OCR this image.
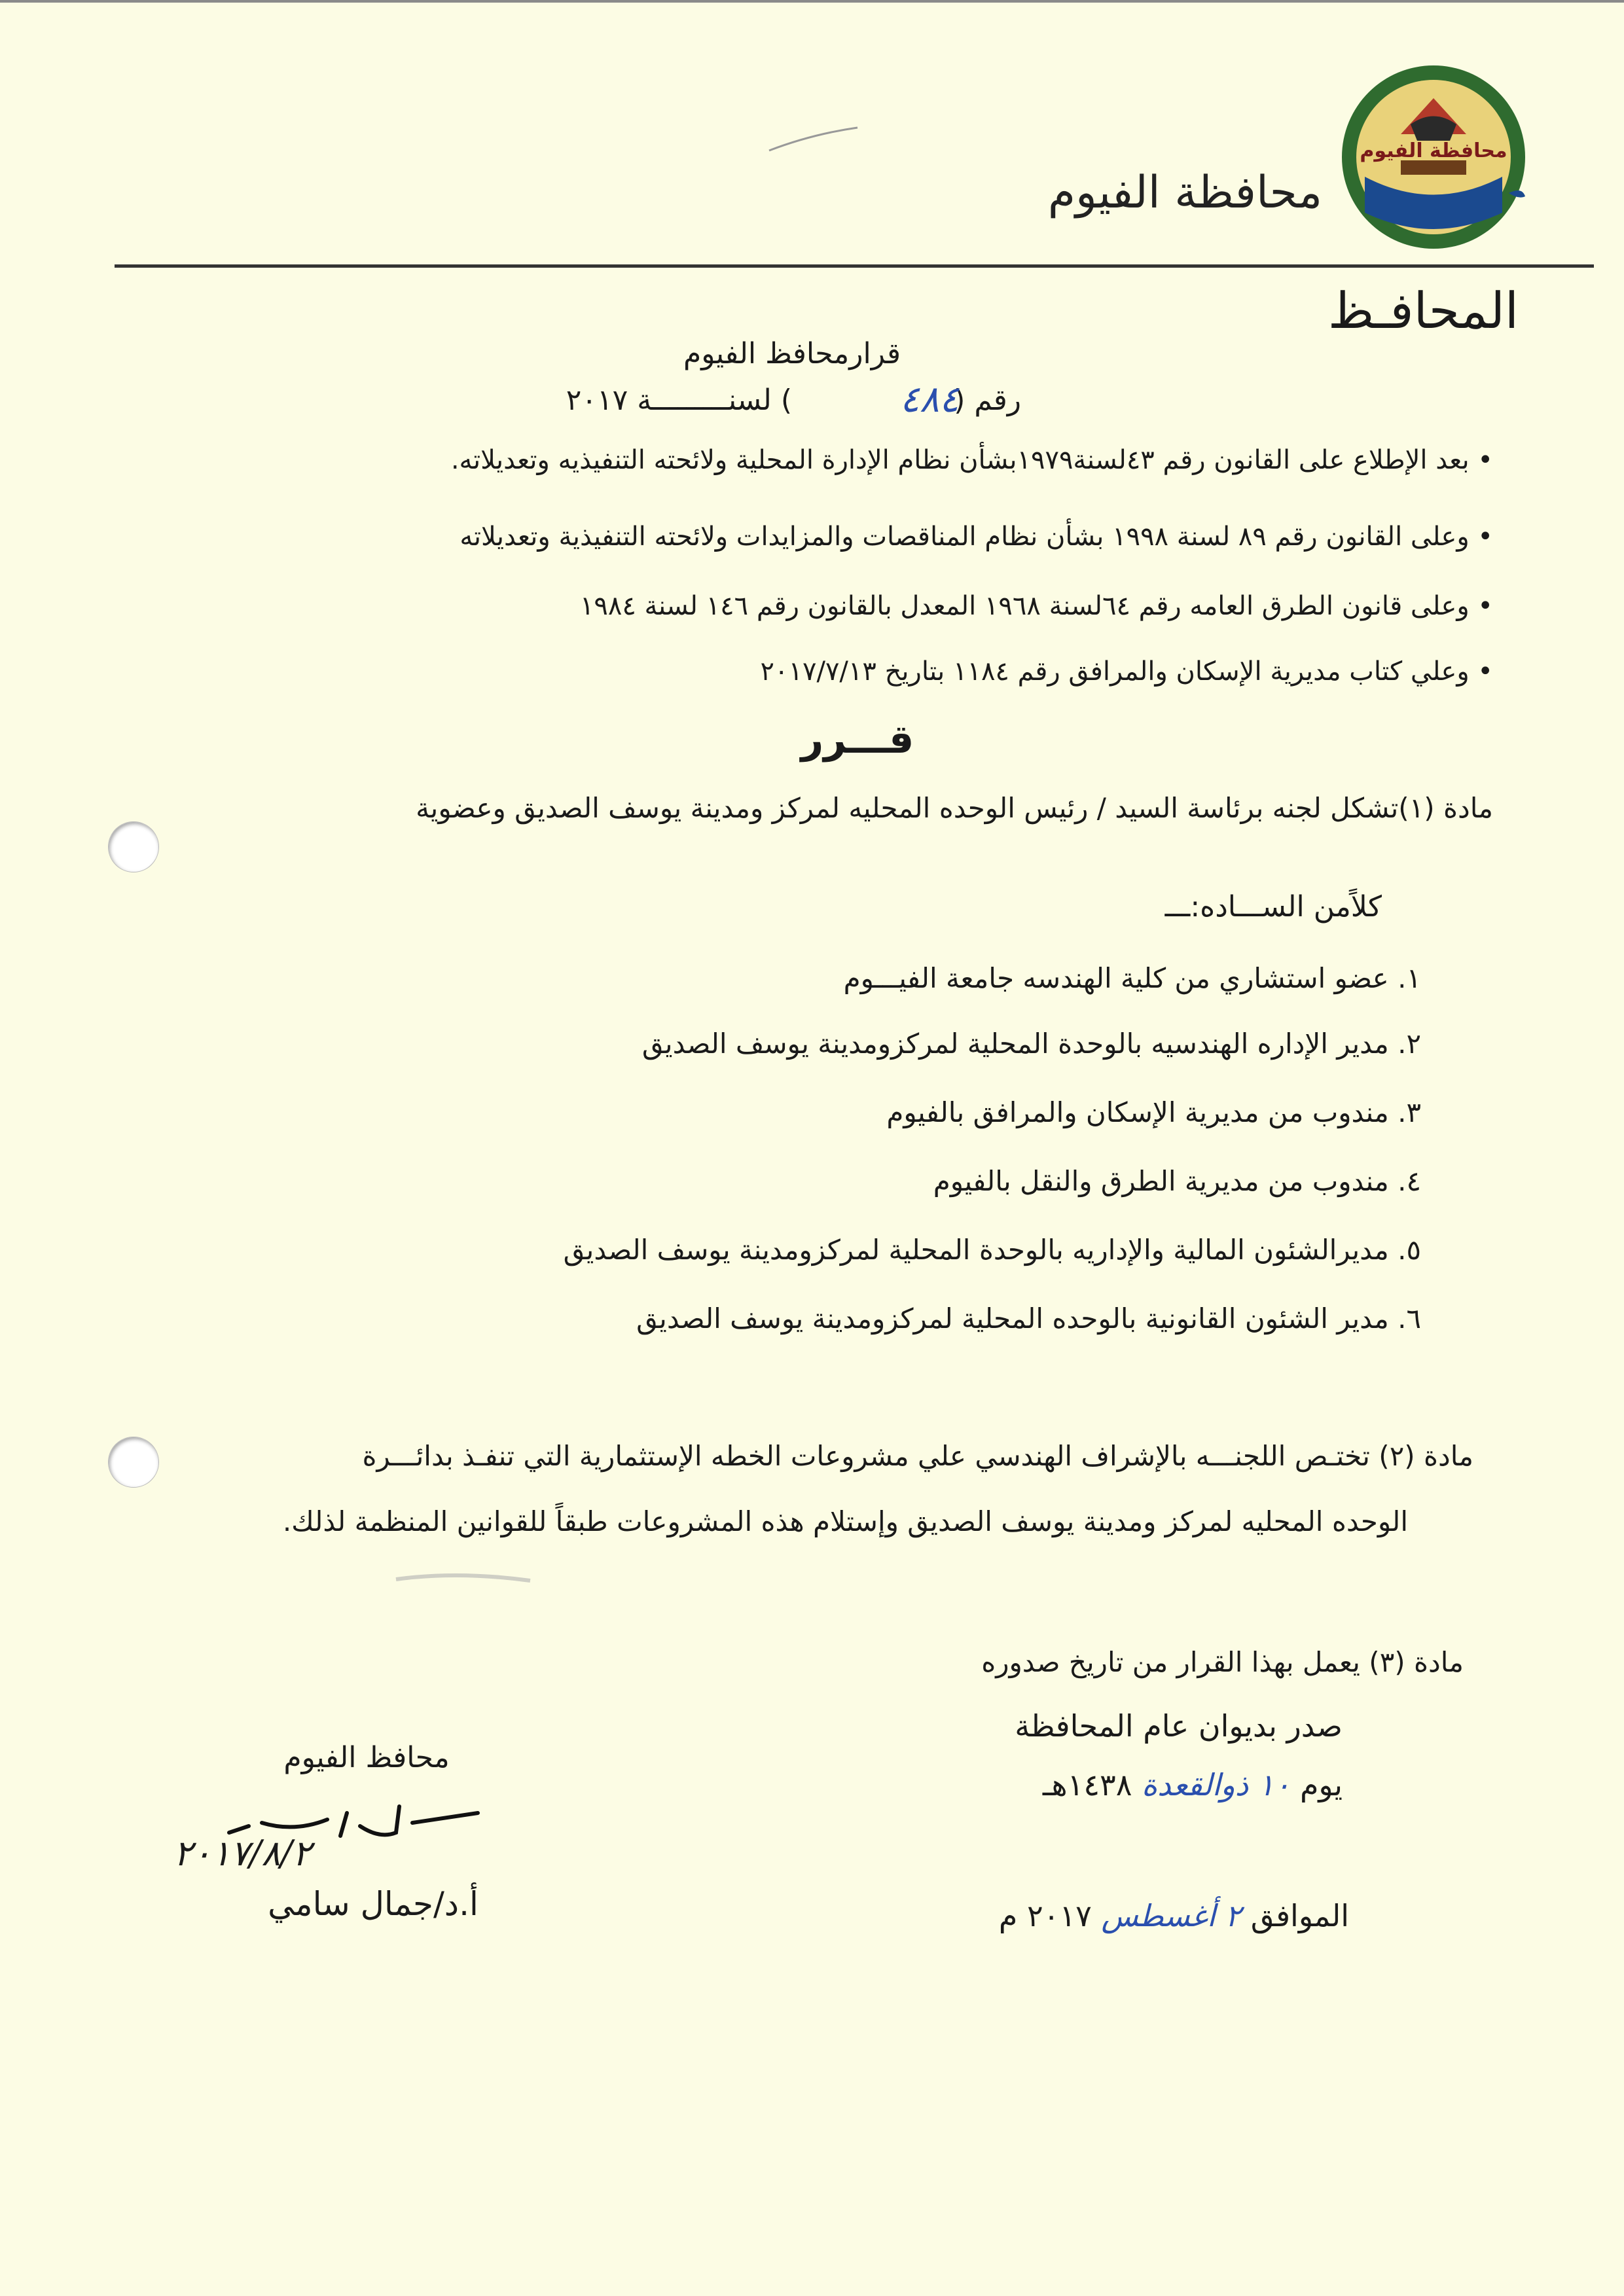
محافظة الفيوم
محافظة الفيوم
المحافـظ
قرارمحافظ الفيوم
رقم (
٤٨٤
) لسنـــــــــة ٢٠١٧
• بعد الإطلاع على القانون رقم ٤٣لسنة١٩٧٩بشأن نظام الإدارة المحلية ولائحته التنفيذيه وتعديلاته.
• وعلى القانون رقم ٨٩ لسنة ١٩٩٨ بشأن نظام المناقصات والمزايدات ولائحته التنفيذية وتعديلاته
• وعلى قانون الطرق العامه رقم ٦٤لسنة ١٩٦٨ المعدل بالقانون رقم ١٤٦ لسنة ١٩٨٤
• وعلي كتاب مديرية الإسكان والمرافق رقم ١١٨٤ بتاريخ ٢٠١٧/٧/١٣
قـــرر
مادة (١)تشكل لجنه برئاسة السيد / رئيس الوحده المحليه لمركز ومدينة يوسف الصديق وعضوية
كلاًمن الســـاده:ـــ
١. عضو استشاري من كلية الهندسه جامعة الفيـــوم
٢. مدير الإداره الهندسيه بالوحدة المحلية لمركزومدينة يوسف الصديق
٣. مندوب من مديرية الإسكان والمرافق بالفيوم
٤. مندوب من مديرية الطرق والنقل بالفيوم
٥. مديرالشئون المالية والإداريه بالوحدة المحلية لمركزومدينة يوسف الصديق
٦. مدير الشئون القانونية بالوحده المحلية لمركزومدينة يوسف الصديق
مادة (٢) تختـص اللجنـــه بالإشراف الهندسي علي مشروعات الخطه الإستثمارية التي تنفـذ بدائـــرة
الوحده المحليه لمركز ومدينة يوسف الصديق وإستلام هذه المشروعات طبقاً للقوانين المنظمة لذلك.
مادة (٣) يعمل بهذا القرار من تاريخ صدوره
صدر بديوان عام المحافظة
يوم ١٠ ذوالقعدة ١٤٣٨هـ
الموافق ٢ أغسطس ٢٠١٧ م
محافظ الفيوم
٢٠١٧/٨/٢
أ.د/جمال سامي
